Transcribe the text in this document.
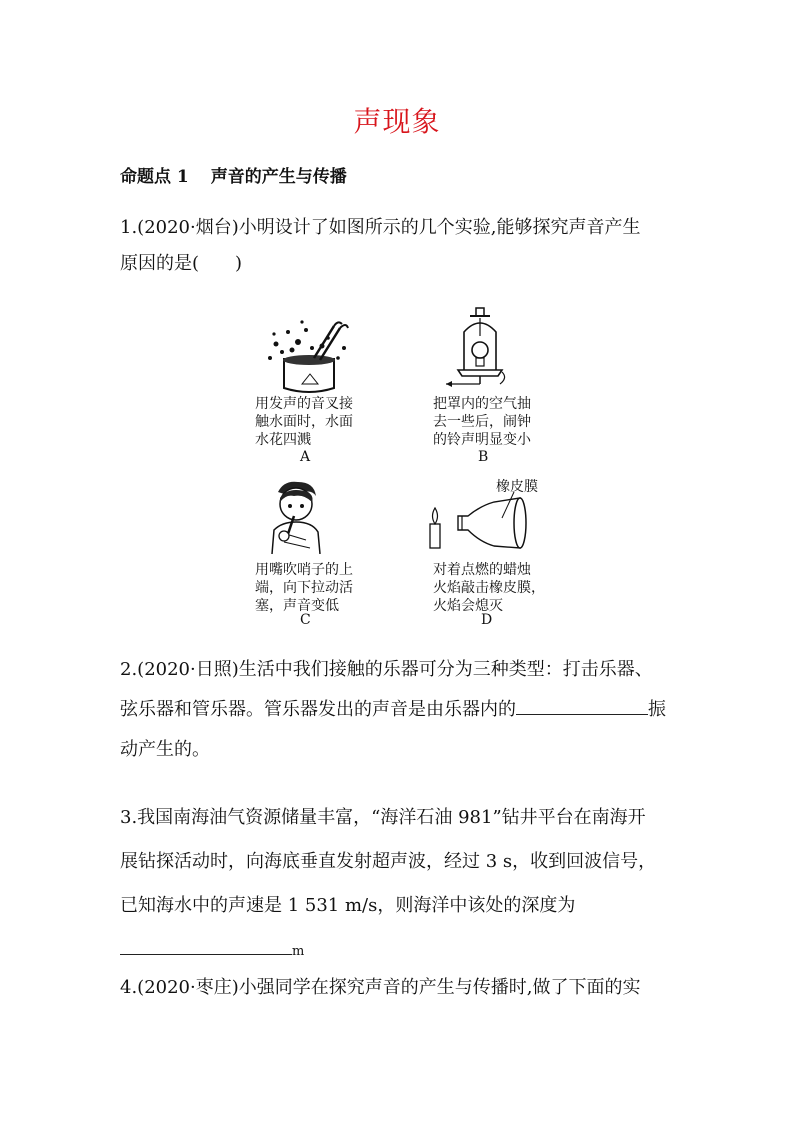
声现象
命题点 1 声音的产生与传播

1.(2020·烟台)小明设计了如图所示的几个实验,能够探究声音产生

原因的是(　　)

用发声的音叉接
触水面时，水面
水花四溅
A
把罩内的空气抽
去一些后，闹钟
的铃声明显变小
B
用嘴吹哨子的上
端，向下拉动活
塞，声音变低
C
橡皮膜
对着点燃的蜡烛
火焰敲击橡皮膜，
火焰会熄灭
D

2.(2020·日照)生活中我们接触的乐器可分为三种类型：打击乐器、

弦乐器和管乐器。管乐器发出的声音是由乐器内的	振

动产生的。

3.我国南海油气资源储量丰富，“海洋石油 981”钻井平台在南海开

展钻探活动时，向海底垂直发射超声波，经过 3 s，收到回波信号，

已知海水中的声速是 1 531 m/s，则海洋中该处的深度为

m

4.(2020·枣庄)小强同学在探究声音的产生与传播时,做了下面的实
